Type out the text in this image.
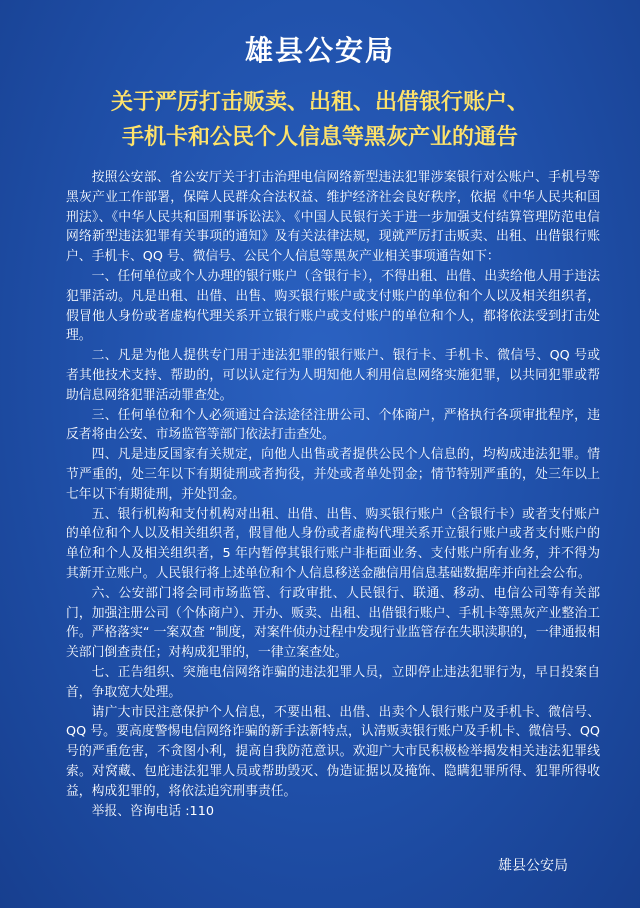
雄县公安局
关于严厉打击贩卖、出租、出借银行账户、
手机卡和公民个人信息等黑灰产业的通告

按照公安部、省公安厅关于打击治理电信网络新型违法犯罪涉案银行对公账户、手机号等黑灰产业工作部署，保障人民群众合法权益、维护经济社会良好秩序，依据《中华人民共和国刑法》、《中华人民共和国刑事诉讼法》、《中国人民银行关于进一步加强支付结算管理防范电信网络新型违法犯罪有关事项的通知》及有关法律法规，现就严厉打击贩卖、出租、出借银行账户、手机卡、QQ 号、微信号、公民个人信息等黑灰产业相关事项通告如下：

一、任何单位或个人办理的银行账户（含银行卡），不得出租、出借、出卖给他人用于违法犯罪活动。凡是出租、出借、出售、购买银行账户或支付账户的单位和个人以及相关组织者，假冒他人身份或者虚构代理关系开立银行账户或支付账户的单位和个人，都将依法受到打击处理。

二、凡是为他人提供专门用于违法犯罪的银行账户、银行卡、手机卡、微信号、QQ 号或者其他技术支持、帮助的，可以认定行为人明知他人利用信息网络实施犯罪，以共同犯罪或帮助信息网络犯罪活动罪查处。

三、任何单位和个人必须通过合法途径注册公司、个体商户，严格执行各项审批程序，违反者将由公安、市场监管等部门依法打击查处。

四、凡是违反国家有关规定，向他人出售或者提供公民个人信息的，均构成违法犯罪。情节严重的，处三年以下有期徒刑或者拘役，并处或者单处罚金；情节特别严重的，处三年以上七年以下有期徒刑，并处罚金。

五、银行机构和支付机构对出租、出借、出售、购买银行账户（含银行卡）或者支付账户的单位和个人以及相关组织者，假冒他人身份或者虚构代理关系开立银行账户或者支付账户的单位和个人及相关组织者，5 年内暂停其银行账户非柜面业务、支付账户所有业务，并不得为其新开立账户。人民银行将上述单位和个人信息移送金融信用信息基础数据库并向社会公布。

六、公安部门将会同市场监管、行政审批、人民银行、联通、移动、电信公司等有关部门，加强注册公司（个体商户）、开办、贩卖、出租、出借银行账户、手机卡等黑灰产业整治工作。严格落实“ 一案双查 ”制度，对案件侦办过程中发现行业监管存在失职渎职的，一律通报相关部门倒查责任；对构成犯罪的，一律立案查处。

七、正告组织、突施电信网络诈骗的违法犯罪人员，立即停止违法犯罪行为，早日投案自首，争取宽大处理。

请广大市民注意保护个人信息，不要出租、出借、出卖个人银行账户及手机卡、微信号、QQ 号。要高度警惕电信网络诈骗的新手法新特点，认清贩卖银行账户及手机卡、微信号、QQ 号的严重危害，不贪图小利，提高自我防范意识。欢迎广大市民积极检举揭发相关违法犯罪线索。对窝藏、包庇违法犯罪人员或帮助毁灭、伪造证据以及掩饰、隐瞒犯罪所得、犯罪所得收益，构成犯罪的，将依法追究刑事责任。

举报、咨询电话 :110

雄县公安局
